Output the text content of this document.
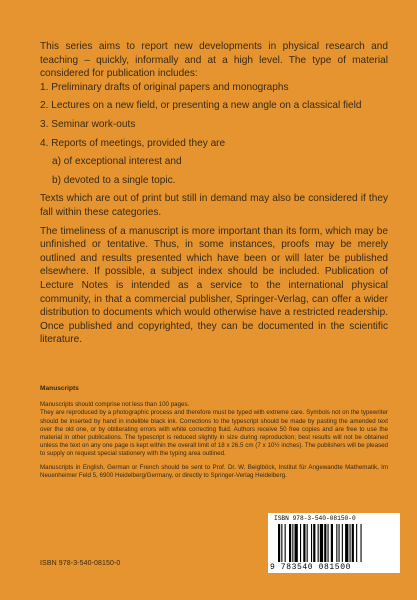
This series aims to report new developments in physical research and teaching – quickly, informally and at a high level. The type of material considered for publication includes:

1. Preliminary drafts of original papers and monographs

2. Lectures on a new field, or presenting a new angle on a classical field

3. Seminar work-outs

4. Reports of meetings, provided they are

a) of exceptional interest and

b) devoted to a single topic.

Texts which are out of print but still in demand may also be considered if they fall within these categories.

The timeliness of a manuscript is more important than its form, which may be unfinished or tentative. Thus, in some instances, proofs may be merely outlined and results presented which have been or will later be published elsewhere. If possible, a subject index should be included. Publication of Lecture Notes is intended as a service to the international physical community, in that a commercial publisher, Springer-Verlag, can offer a wider distribution to documents which would otherwise have a restricted readership. Once published and copyrighted, they can be documented in the scientific literature.

Manuscripts

Manuscripts should comprise not less than 100 pages.

They are reproduced by a photographic process and therefore must be typed with extreme care. Symbols not on the typewriter should be inserted by hand in indelible black ink. Corrections to the typescript should be made by pasting the amended text over the old one, or by obliterating errors with white correcting fluid. Authors receive 50 free copies and are free to use the material in other publications. The typescript is reduced slightly in size during reproduction; best results will not be obtained unless the text on any one page is kept within the overall limit of 18 x 26.5 cm (7 x 10½ inches). The publishers will be pleased to supply on request special stationery with the typing area outlined.

Manuscripts in English, German or French should be sent to Prof. Dr. W. Beiglböck, Institut für Angewandte Mathematik, Im Neuenheimer Feld 5, 6900 Heidelberg/Germany, or directly to Springer-Verlag Heidelberg.

ISBN 978-3-540-08150-0
ISBN 978-3-540-08150-0
9 783540 081500
